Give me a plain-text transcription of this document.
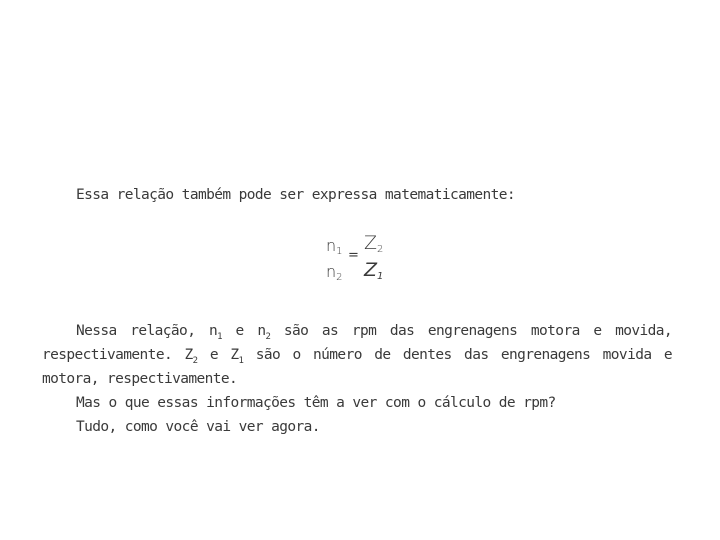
Essa relação também pode ser expressa matematicamente:
$n_1$
$n_2$
=
$Z_2$
$Z_1$
Nessa relação, $n_1$ e $n_2$ são as rpm das engrenagens motora e movida,
respectivamente. $Z_2$ e $Z_1$ são o número de dentes das engrenagens movida e
motora, respectivamente.
Mas o que essas informações têm a ver com o cálculo de rpm?
Tudo, como você vai ver agora.
